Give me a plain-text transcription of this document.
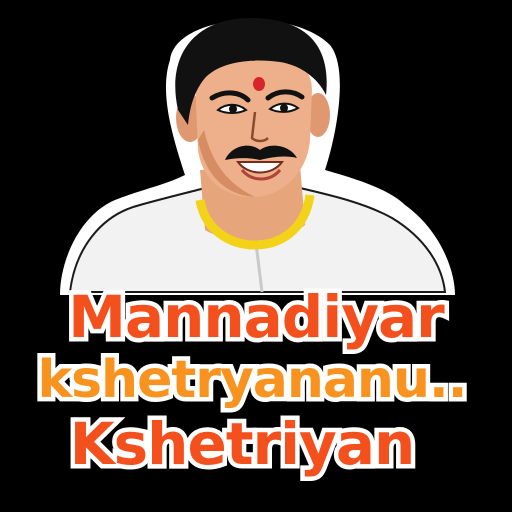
Mannadiyar
kshetryananu..
Kshetriyan
